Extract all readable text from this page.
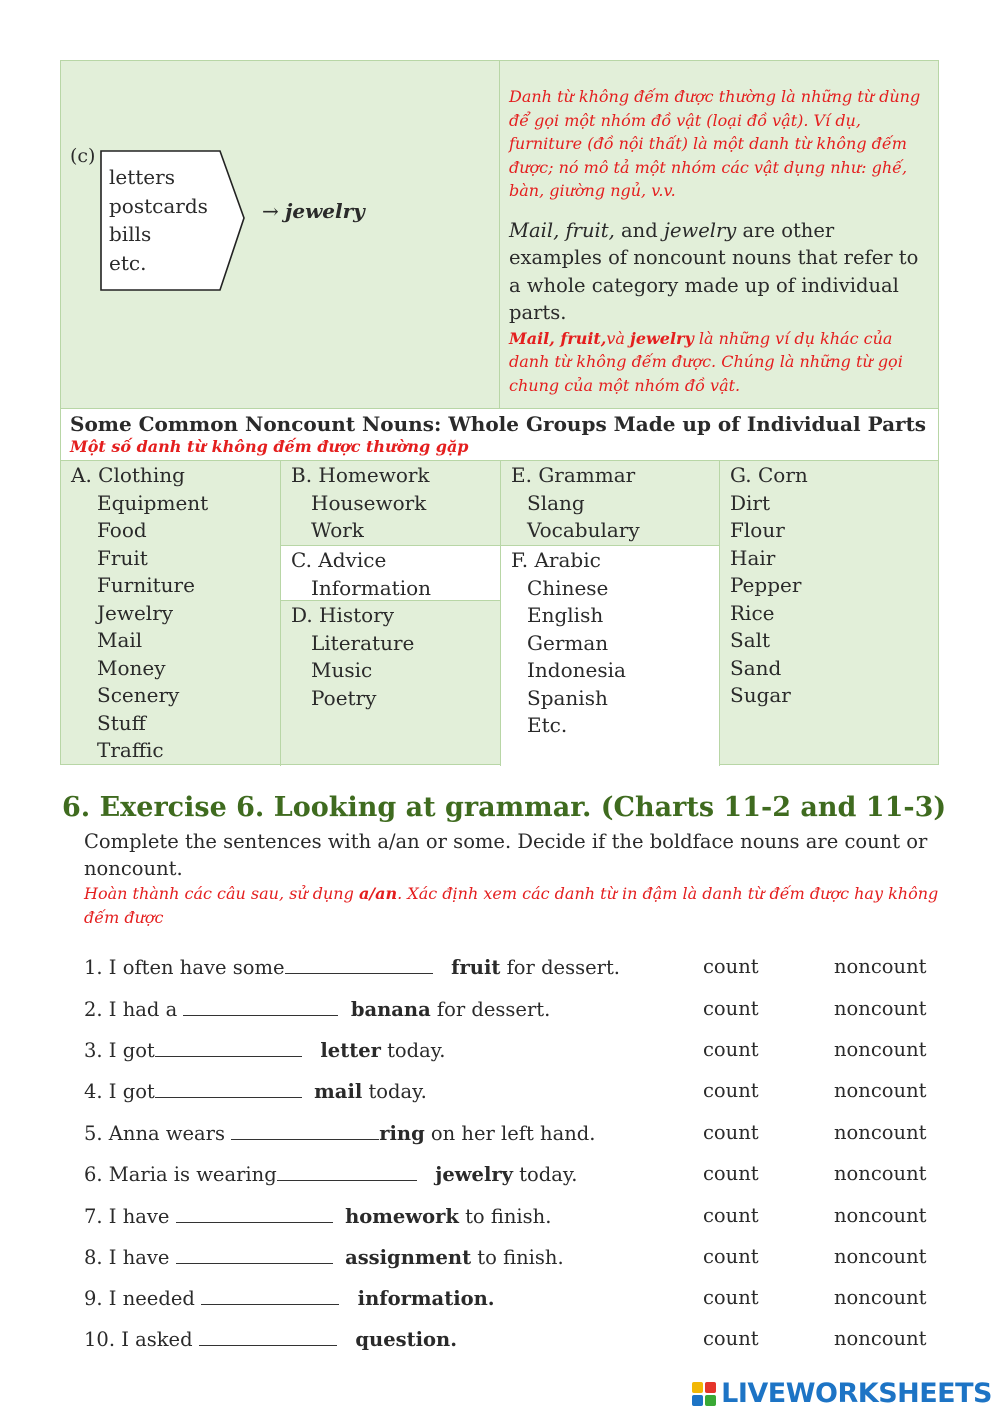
(c)
letters
postcards
bills
etc.
→ jewelry
Danh từ không đếm được thường là những từ dùng để gọi một nhóm đồ vật (loại đồ vật). Ví dụ, furniture (đồ nội thất) là một danh từ không đếm được; nó mô tả một nhóm các vật dụng như: ghế, bàn, giường ngủ, v.v.
Mail, fruit, and jewelry are other examples of noncount nouns that refer to a whole category made up of individual parts.
Mail, fruit,và jewelry là những ví dụ khác của danh từ không đếm được. Chúng là những từ gọi chung của một nhóm đồ vật.
Some Common Noncount Nouns: Whole Groups Made up of Individual Parts
Một số danh từ không đếm được thường gặp
A. Clothing
Equipment
Food
Fruit
Furniture
Jewelry
Mail
Money
Scenery
Stuff
Traffic
B. Homework
Housework
Work
C. Advice
Information
D. History
Literature
Music
Poetry
E. Grammar
Slang
Vocabulary
F. Arabic
Chinese
English
German
Indonesia
Spanish
Etc.
G. Corn
Dirt
Flour
Hair
Pepper
Rice
Salt
Sand
Sugar
6. Exercise 6. Looking at grammar. (Charts 11-2 and 11-3)
Complete the sentences with a/an or some. Decide if the boldface nouns are count or noncount.
Hoàn thành các câu sau, sử dụng a/an. Xác định xem các danh từ in đậm là danh từ đếm được hay không đếm được
1. I often have some	fruit for dessert.	count	noncount
2. I had a	banana for dessert.	count	noncount
3. I got	letter today.	count	noncount
4. I got	mail today.	count	noncount
5. Anna wears	ring on her left hand.	count	noncount
6. Maria is wearing	jewelry today.	count	noncount
7. I have	homework to finish.	count	noncount
8. I have	assignment to finish.	count	noncount
9. I needed	information.	count	noncount
10. I asked	question.	count	noncount
LIVEWORKSHEETS
